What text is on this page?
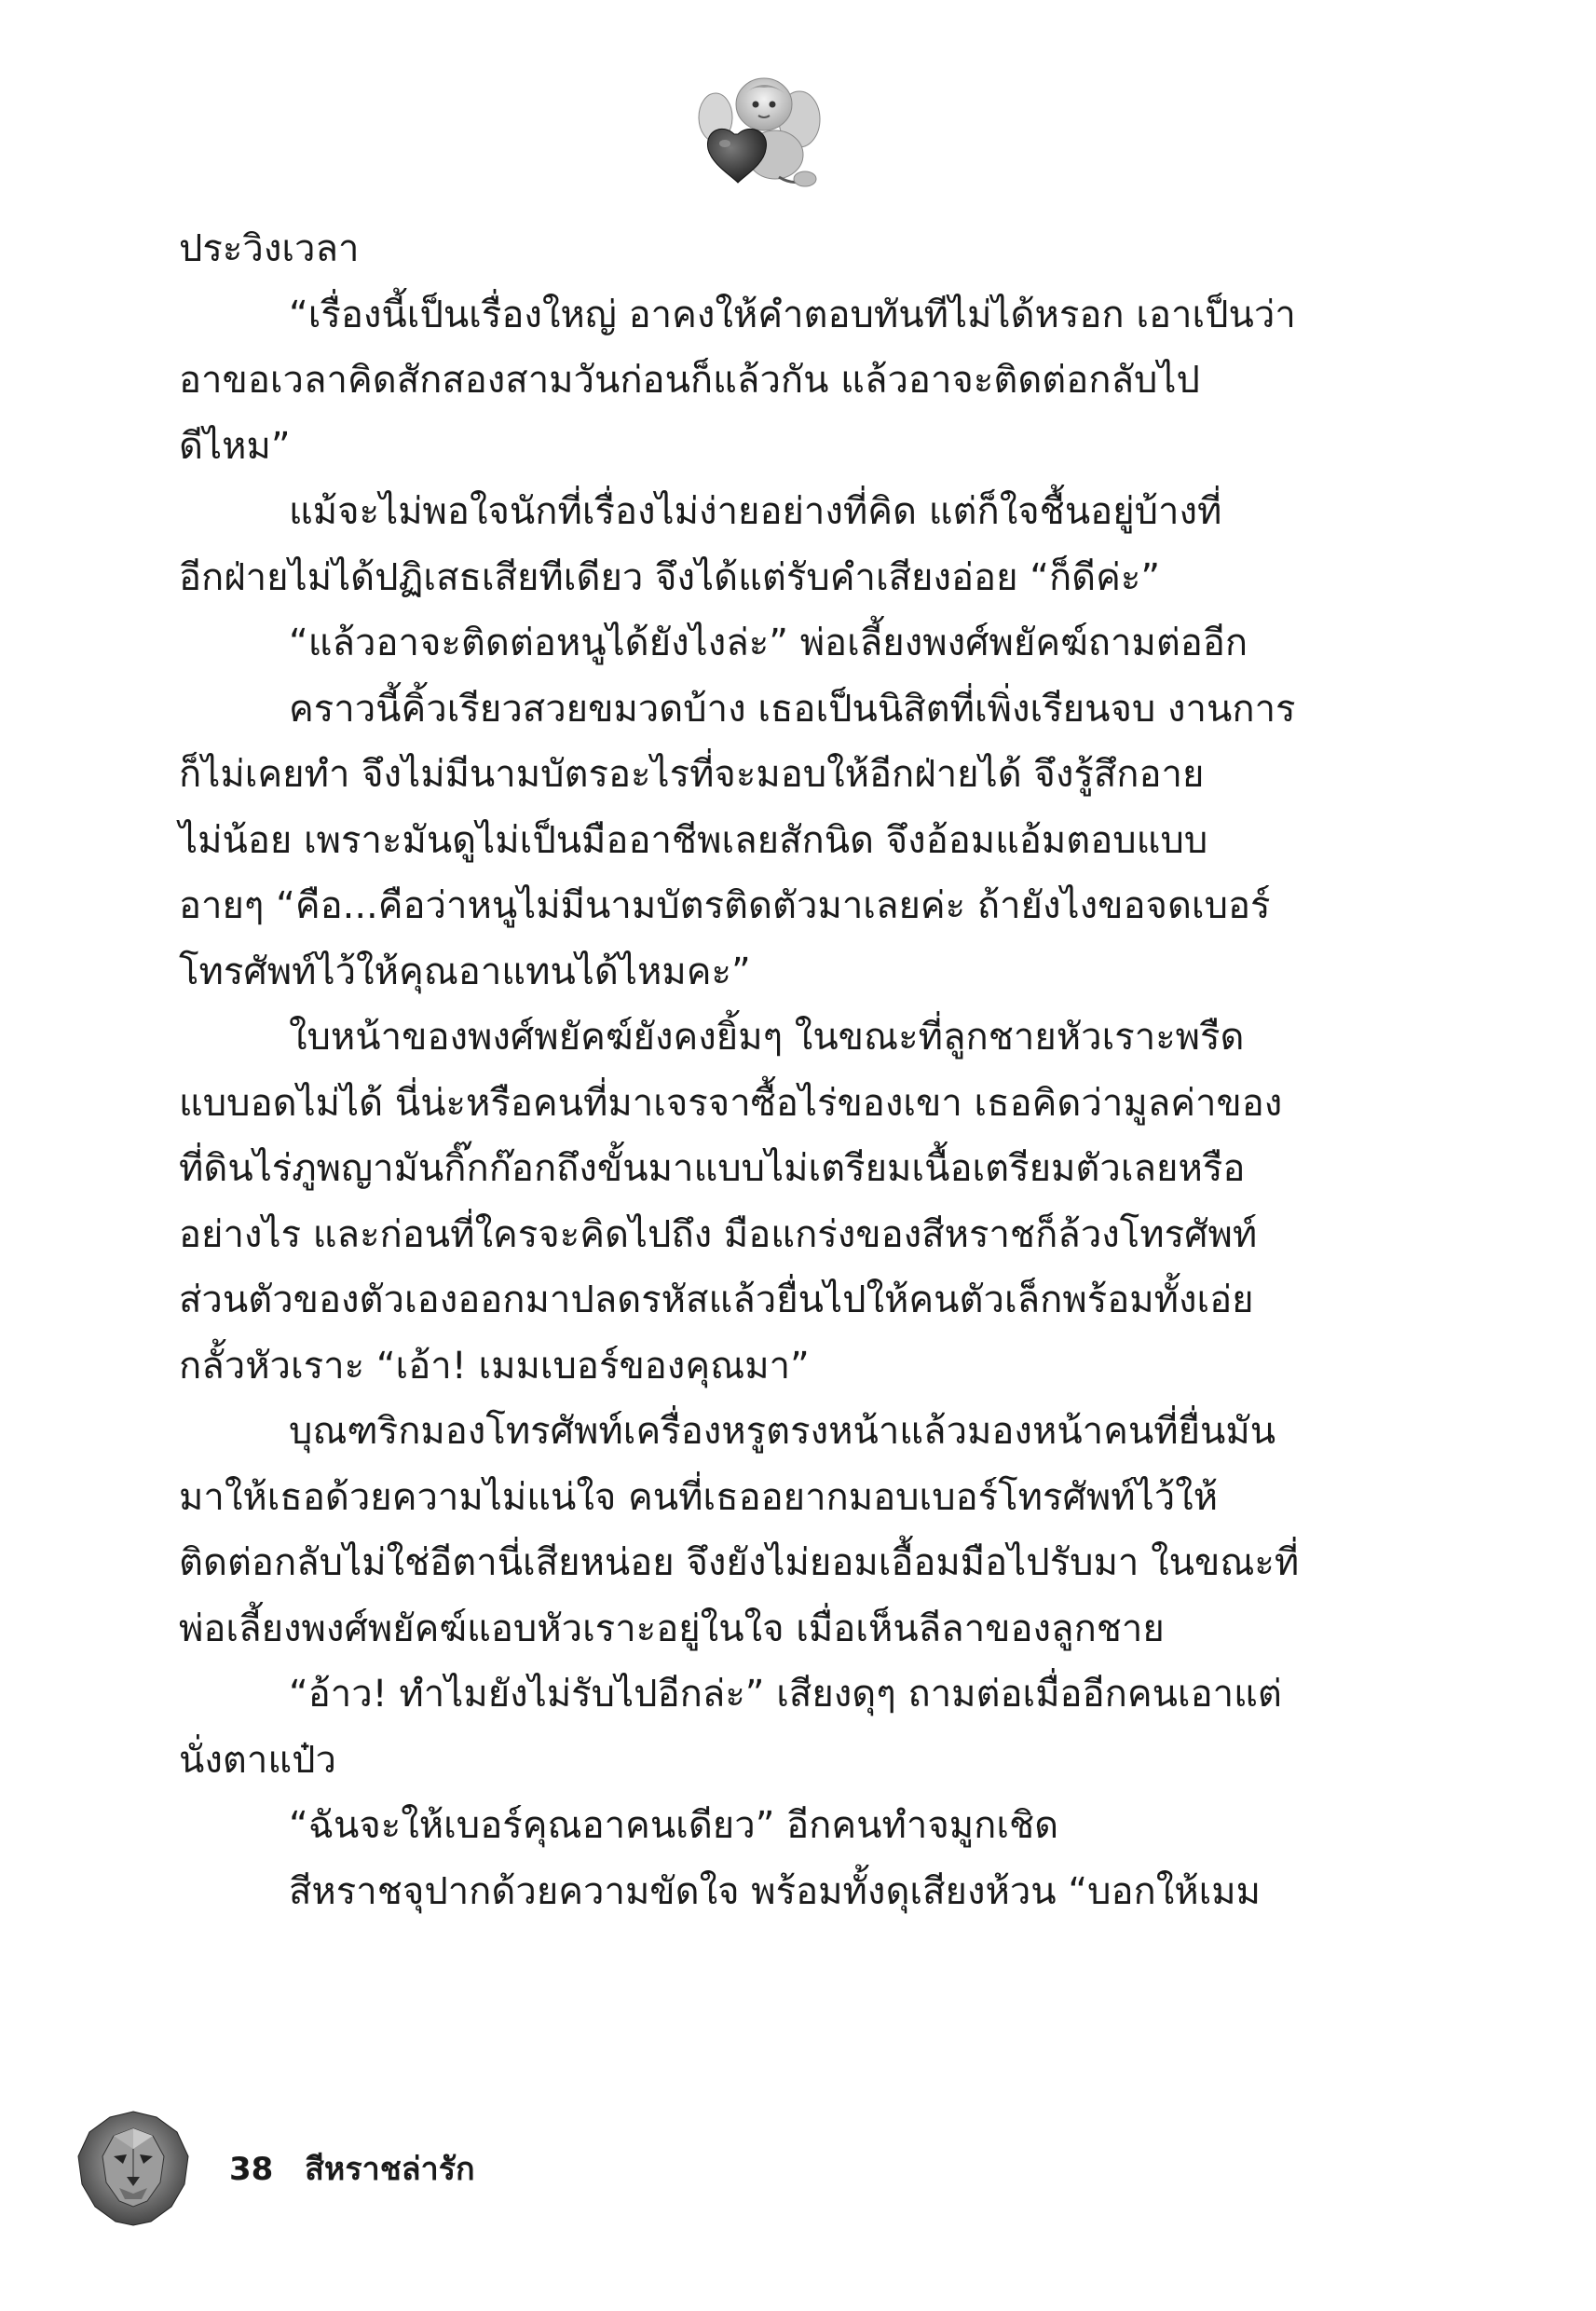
ประวิงเวลา
“เรื่องนี้เป็นเรื่องใหญ่ อาคงให้คำตอบทันทีไม่ได้หรอก เอาเป็นว่า
อาขอเวลาคิดสักสองสามวันก่อนก็แล้วกัน แล้วอาจะติดต่อกลับไป
ดีไหม”
แม้จะไม่พอใจนักที่เรื่องไม่ง่ายอย่างที่คิด แต่ก็ใจชื้นอยู่บ้างที่
อีกฝ่ายไม่ได้ปฏิเสธเสียทีเดียว จึงได้แต่รับคำเสียงอ่อย “ก็ดีค่ะ”
“แล้วอาจะติดต่อหนูได้ยังไงล่ะ” พ่อเลี้ยงพงศ์พยัคฆ์ถามต่ออีก
คราวนี้คิ้วเรียวสวยขมวดบ้าง เธอเป็นนิสิตที่เพิ่งเรียนจบ งานการ
ก็ไม่เคยทำ จึงไม่มีนามบัตรอะไรที่จะมอบให้อีกฝ่ายได้ จึงรู้สึกอาย
ไม่น้อย เพราะมันดูไม่เป็นมืออาชีพเลยสักนิด จึงอ้อมแอ้มตอบแบบ
อายๆ “คือ...คือว่าหนูไม่มีนามบัตรติดตัวมาเลยค่ะ ถ้ายังไงขอจดเบอร์
โทรศัพท์ไว้ให้คุณอาแทนได้ไหมคะ”
ใบหน้าของพงศ์พยัคฆ์ยังคงยิ้มๆ ในขณะที่ลูกชายหัวเราะพรืด
แบบอดไม่ได้ นี่น่ะหรือคนที่มาเจรจาซื้อไร่ของเขา เธอคิดว่ามูลค่าของ
ที่ดินไร่ภูพญามันกิ๊กก๊อกถึงขั้นมาแบบไม่เตรียมเนื้อเตรียมตัวเลยหรือ
อย่างไร และก่อนที่ใครจะคิดไปถึง มือแกร่งของสีหราชก็ล้วงโทรศัพท์
ส่วนตัวของตัวเองออกมาปลดรหัสแล้วยื่นไปให้คนตัวเล็กพร้อมทั้งเอ่ย
กลั้วหัวเราะ “เอ้า! เมมเบอร์ของคุณมา”
บุณฑริกมองโทรศัพท์เครื่องหรูตรงหน้าแล้วมองหน้าคนที่ยื่นมัน
มาให้เธอด้วยความไม่แน่ใจ คนที่เธออยากมอบเบอร์โทรศัพท์ไว้ให้
ติดต่อกลับไม่ใช่อีตานี่เสียหน่อย จึงยังไม่ยอมเอื้อมมือไปรับมา ในขณะที่
พ่อเลี้ยงพงศ์พยัคฆ์แอบหัวเราะอยู่ในใจ เมื่อเห็นลีลาของลูกชาย
“อ้าว! ทำไมยังไม่รับไปอีกล่ะ” เสียงดุๆ ถามต่อเมื่ออีกคนเอาแต่
นั่งตาแป๋ว
“ฉันจะให้เบอร์คุณอาคนเดียว” อีกคนทำจมูกเชิด
สีหราชจุปากด้วยความขัดใจ พร้อมทั้งดุเสียงห้วน “บอกให้เมม
38 สีหราชล่ารัก
